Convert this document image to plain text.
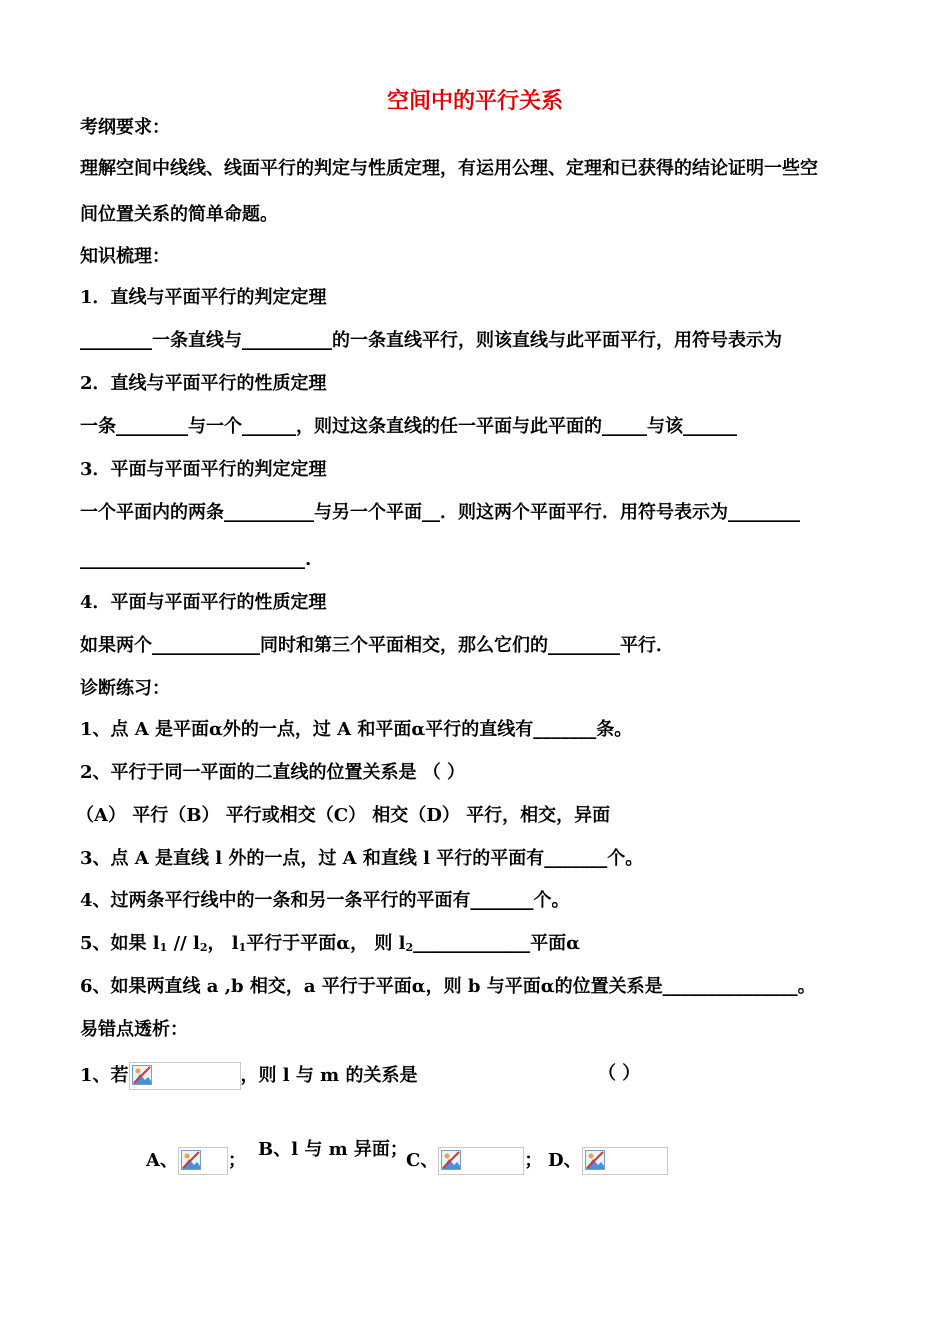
空间中的平行关系
考纲要求：
理解空间中线线、线面平行的判定与性质定理，有运用公理、定理和已获得的结论证明一些空
间位置关系的简单命题。
知识梳理：
1．直线与平面平行的判定定理
________一条直线与__________的一条直线平行，则该直线与此平面平行，用符号表示为
2．直线与平面平行的性质定理
一条________与一个______，则过这条直线的任一平面与此平面的_____与该______
3．平面与平面平行的判定定理
一个平面内的两条__________与另一个平面__．则这两个平面平行．用符号表示为________
_________________________.
4．平面与平面平行的性质定理
如果两个____________同时和第三个平面相交，那么它们的________平行．
诊断练习：
1、点 A 是平面α外的一点，过 A 和平面α平行的直线有_______条。
2、平行于同一平面的二直线的位置关系是 （ ）
（A） 平行（B） 平行或相交（C） 相交（D） 平行，相交，异面
3、点 A 是直线 l 外的一点，过 A 和直线 l 平行的平面有_______个。
4、过两条平行线中的一条和另一条平行的平面有_______个。
5、如果 l1 // l2， l1平行于平面α， 则 l2_____________平面α
6、如果两直线 a ,b 相交，a 平行于平面α，则 b 与平面α的位置关系是_______________。
易错点透析：
1、若	，则 l 与 m 的关系是	（ ）
A、	；
B、l 与 m 异面；
C、	； D、
